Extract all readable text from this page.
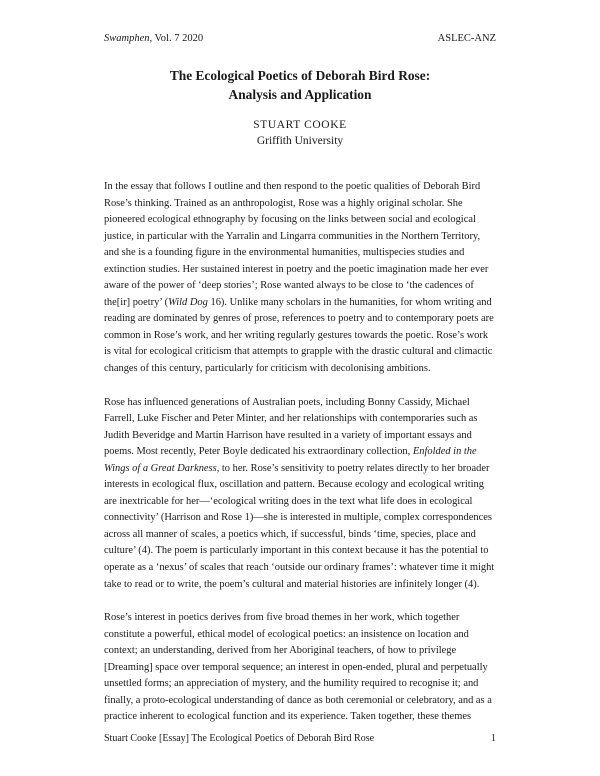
Swamphen, Vol. 7 2020	ASLEC-ANZ
The Ecological Poetics of Deborah Bird Rose:
Analysis and Application
STUART COOKE
Griffith University

In the essay that follows I outline and then respond to the poetic qualities of Deborah Bird Rose’s thinking. Trained as an anthropologist, Rose was a highly original scholar. She pioneered ecological ethnography by focusing on the links between social and ecological justice, in particular with the Yarralin and Lingarra communities in the Northern Territory, and she is a founding figure in the environmental humanities, multispecies studies and extinction studies. Her sustained interest in poetry and the poetic imagination made her ever aware of the power of ‘deep stories’; Rose wanted always to be close to ‘the cadences of the[ir] poetry’ (Wild Dog 16). Unlike many scholars in the humanities, for whom writing and reading are dominated by genres of prose, references to poetry and to contemporary poets are common in Rose’s work, and her writing regularly gestures towards the poetic. Rose’s work is vital for ecological criticism that attempts to grapple with the drastic cultural and climactic changes of this century, particularly for criticism with decolonising ambitions.

Rose has influenced generations of Australian poets, including Bonny Cassidy, Michael Farrell, Luke Fischer and Peter Minter, and her relationships with contemporaries such as Judith Beveridge and Martin Harrison have resulted in a variety of important essays and poems. Most recently, Peter Boyle dedicated his extraordinary collection, Enfolded in the Wings of a Great Darkness, to her. Rose’s sensitivity to poetry relates directly to her broader interests in ecological flux, oscillation and pattern. Because ecology and ecological writing are inextricable for her—‘ecological writing does in the text what life does in ecological connectivity’ (Harrison and Rose 1)—she is interested in multiple, complex correspondences across all manner of scales, a poetics which, if successful, binds ‘time, species, place and culture’ (4). The poem is particularly important in this context because it has the potential to operate as a ‘nexus’ of scales that reach ‘outside our ordinary frames’: whatever time it might take to read or to write, the poem’s cultural and material histories are infinitely longer (4).

Rose’s interest in poetics derives from five broad themes in her work, which together constitute a powerful, ethical model of ecological poetics: an insistence on location and context; an understanding, derived from her Aboriginal teachers, of how to privilege [Dreaming] space over temporal sequence; an interest in open-ended, plural and perpetually unsettled forms; an appreciation of mystery, and the humility required to recognise it; and finally, a proto-ecological understanding of dance as both ceremonial or celebratory, and as a practice inherent to ecological function and its experience. Taken together, these themes

Stuart Cooke [Essay] The Ecological Poetics of Deborah Bird Rose	1
